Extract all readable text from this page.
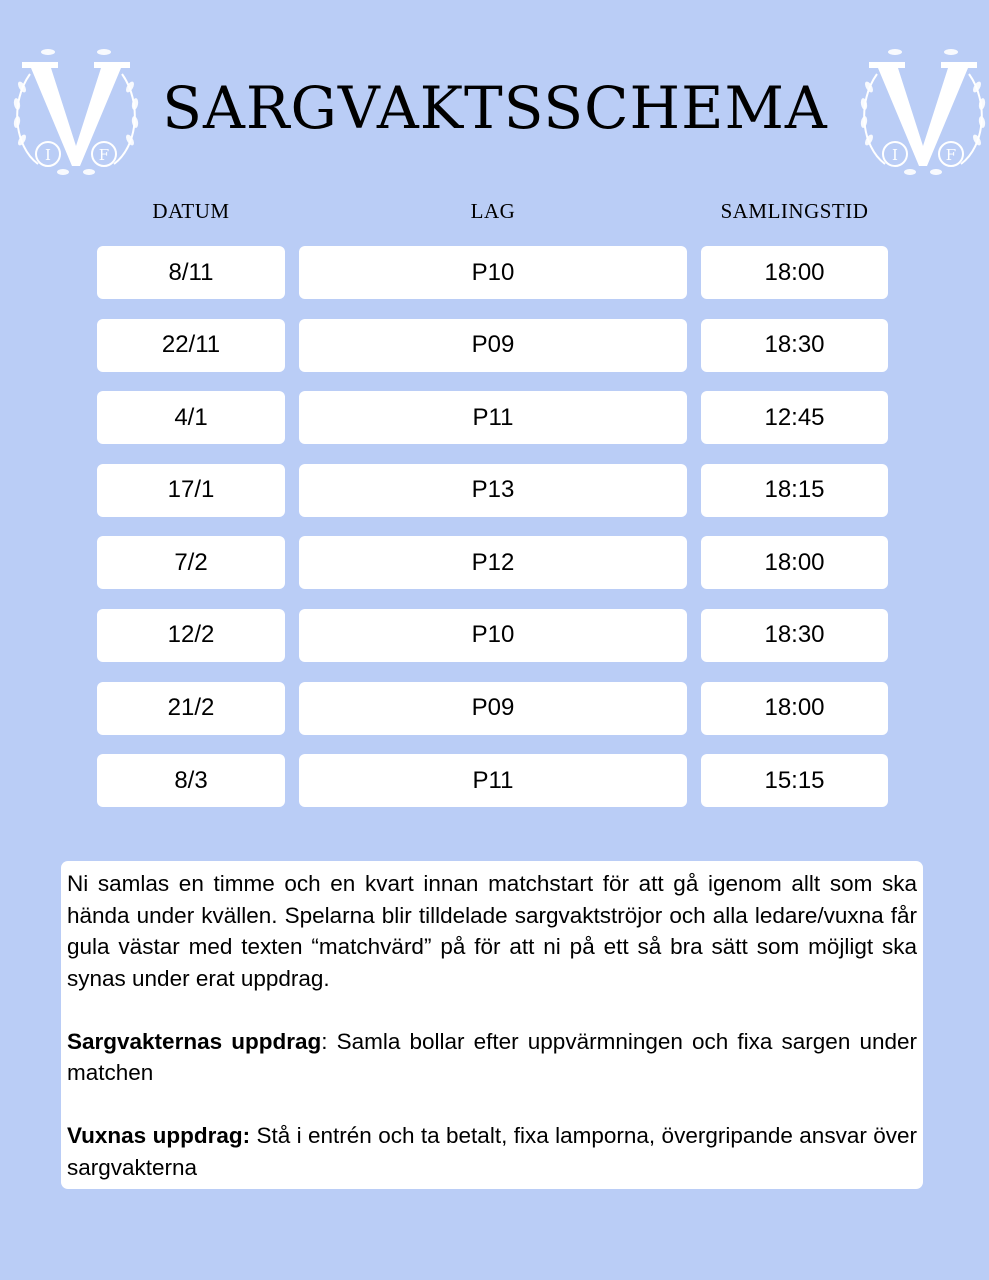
I	F	I	F
SARGVAKTSSCHEMA
DATUM	LAG	SAMLINGSTID
8/11	P10	18:00
22/11	P09	18:30
4/1	P11	12:45
17/1	P13	18:15
7/2	P12	18:00
12/2	P10	18:30
21/2	P09	18:00
8/3	P11	15:15

Ni samlas en timme och en kvart innan matchstart för att gå igenom allt som ska hända under kvällen. Spelarna blir tilldelade sargvaktströjor och alla ledare/vuxna får gula västar med texten “matchvärd” på för att ni på ett så bra sätt som möjligt ska synas under erat uppdrag.

Sargvakternas uppdrag: Samla bollar efter uppvärmningen och fixa sargen under matchen

Vuxnas uppdrag: Stå i entrén och ta betalt, fixa lamporna, övergripande ansvar över sargvakterna
